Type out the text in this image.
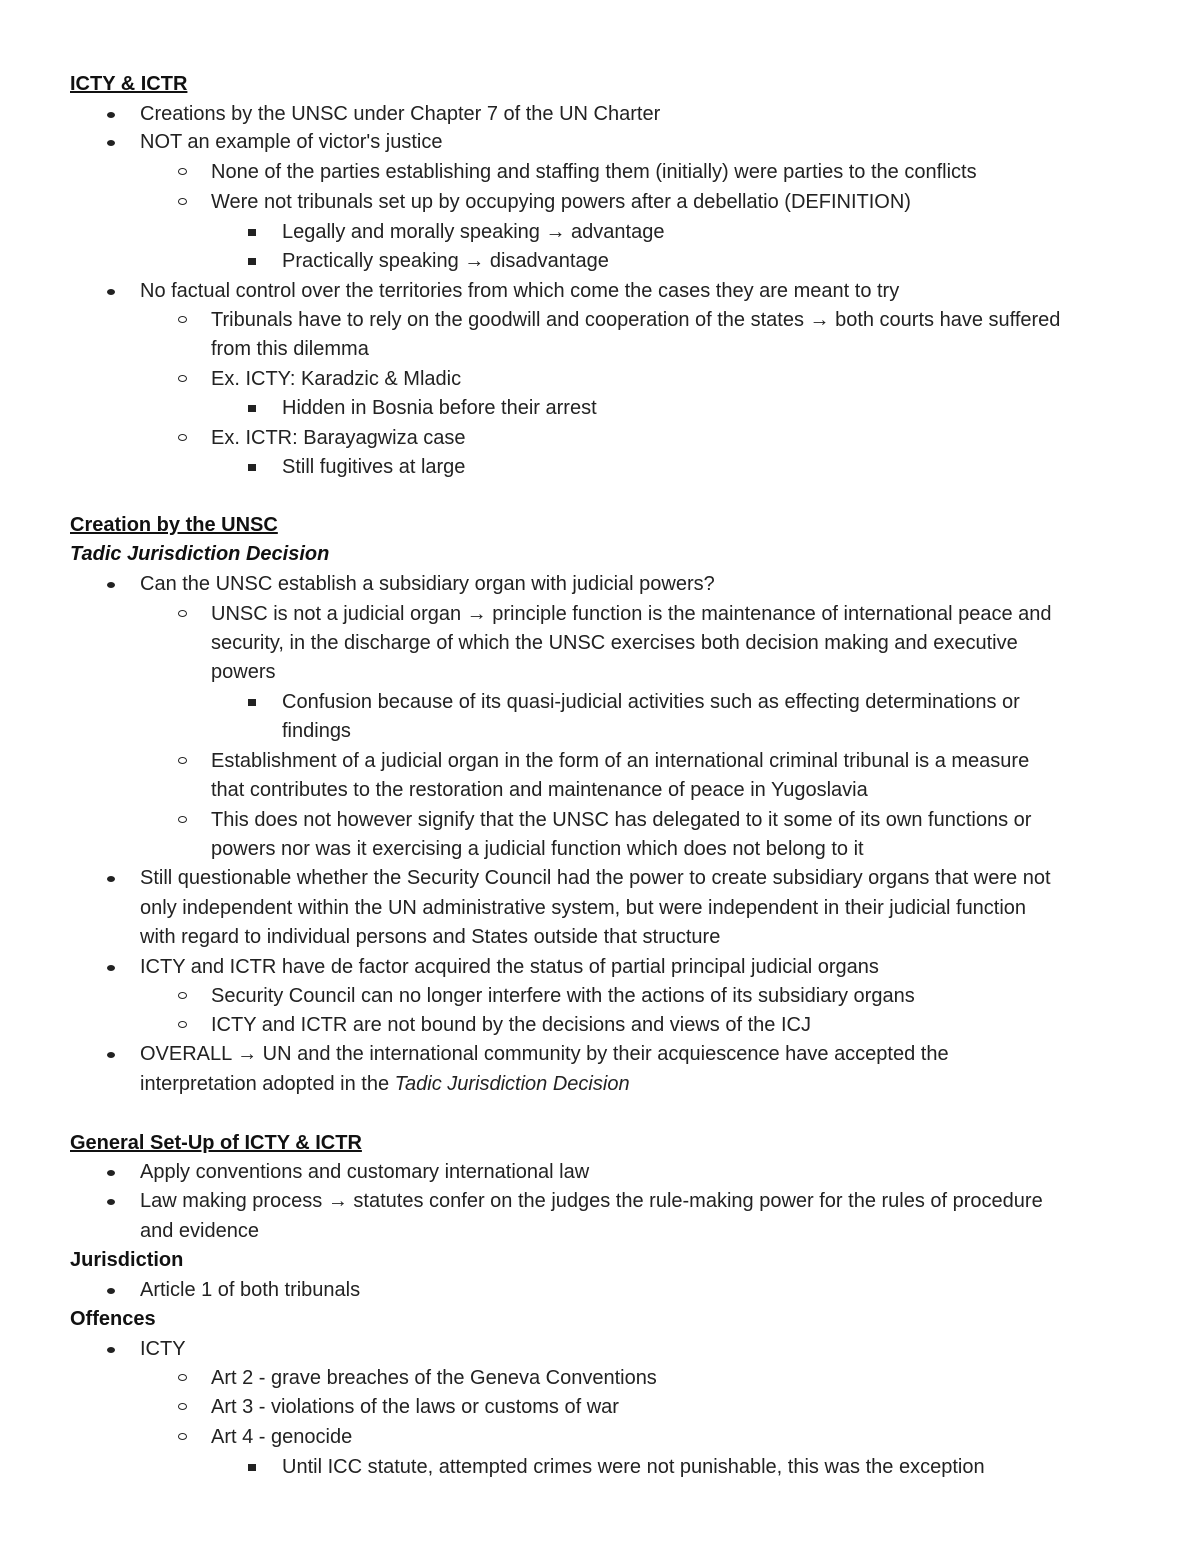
ICTY & ICTR
Creations by the UNSC under Chapter 7 of the UN Charter
NOT an example of victor's justice
None of the parties establishing and staffing them (initially) were parties to the conflicts
Were not tribunals set up by occupying powers after a debellatio (DEFINITION)
Legally and morally speaking → advantage
Practically speaking → disadvantage
No factual control over the territories from which come the cases they are meant to try
Tribunals have to rely on the goodwill and cooperation of the states → both courts have suffered
from this dilemma
Ex. ICTY: Karadzic & Mladic
Hidden in Bosnia before their arrest
Ex. ICTR: Barayagwiza case
Still fugitives at large
Creation by the UNSC
Tadic Jurisdiction Decision
Can the UNSC establish a subsidiary organ with judicial powers?
UNSC is not a judicial organ → principle function is the maintenance of international peace and
security, in the discharge of which the UNSC exercises both decision making and executive
powers
Confusion because of its quasi-judicial activities such as effecting determinations or
findings
Establishment of a judicial organ in the form of an international criminal tribunal is a measure
that contributes to the restoration and maintenance of peace in Yugoslavia
This does not however signify that the UNSC has delegated to it some of its own functions or
powers nor was it exercising a judicial function which does not belong to it
Still questionable whether the Security Council had the power to create subsidiary organs that were not
only independent within the UN administrative system, but were independent in their judicial function
with regard to individual persons and States outside that structure
ICTY and ICTR have de factor acquired the status of partial principal judicial organs
Security Council can no longer interfere with the actions of its subsidiary organs
ICTY and ICTR are not bound by the decisions and views of the ICJ
OVERALL → UN and the international community by their acquiescence have accepted the
interpretation adopted in the Tadic Jurisdiction Decision
General Set-Up of ICTY & ICTR
Apply conventions and customary international law
Law making process → statutes confer on the judges the rule-making power for the rules of procedure
and evidence
Jurisdiction
Article 1 of both tribunals
Offences
ICTY
Art 2 - grave breaches of the Geneva Conventions
Art 3 - violations of the laws or customs of war
Art 4 - genocide
Until ICC statute, attempted crimes were not punishable, this was the exception
